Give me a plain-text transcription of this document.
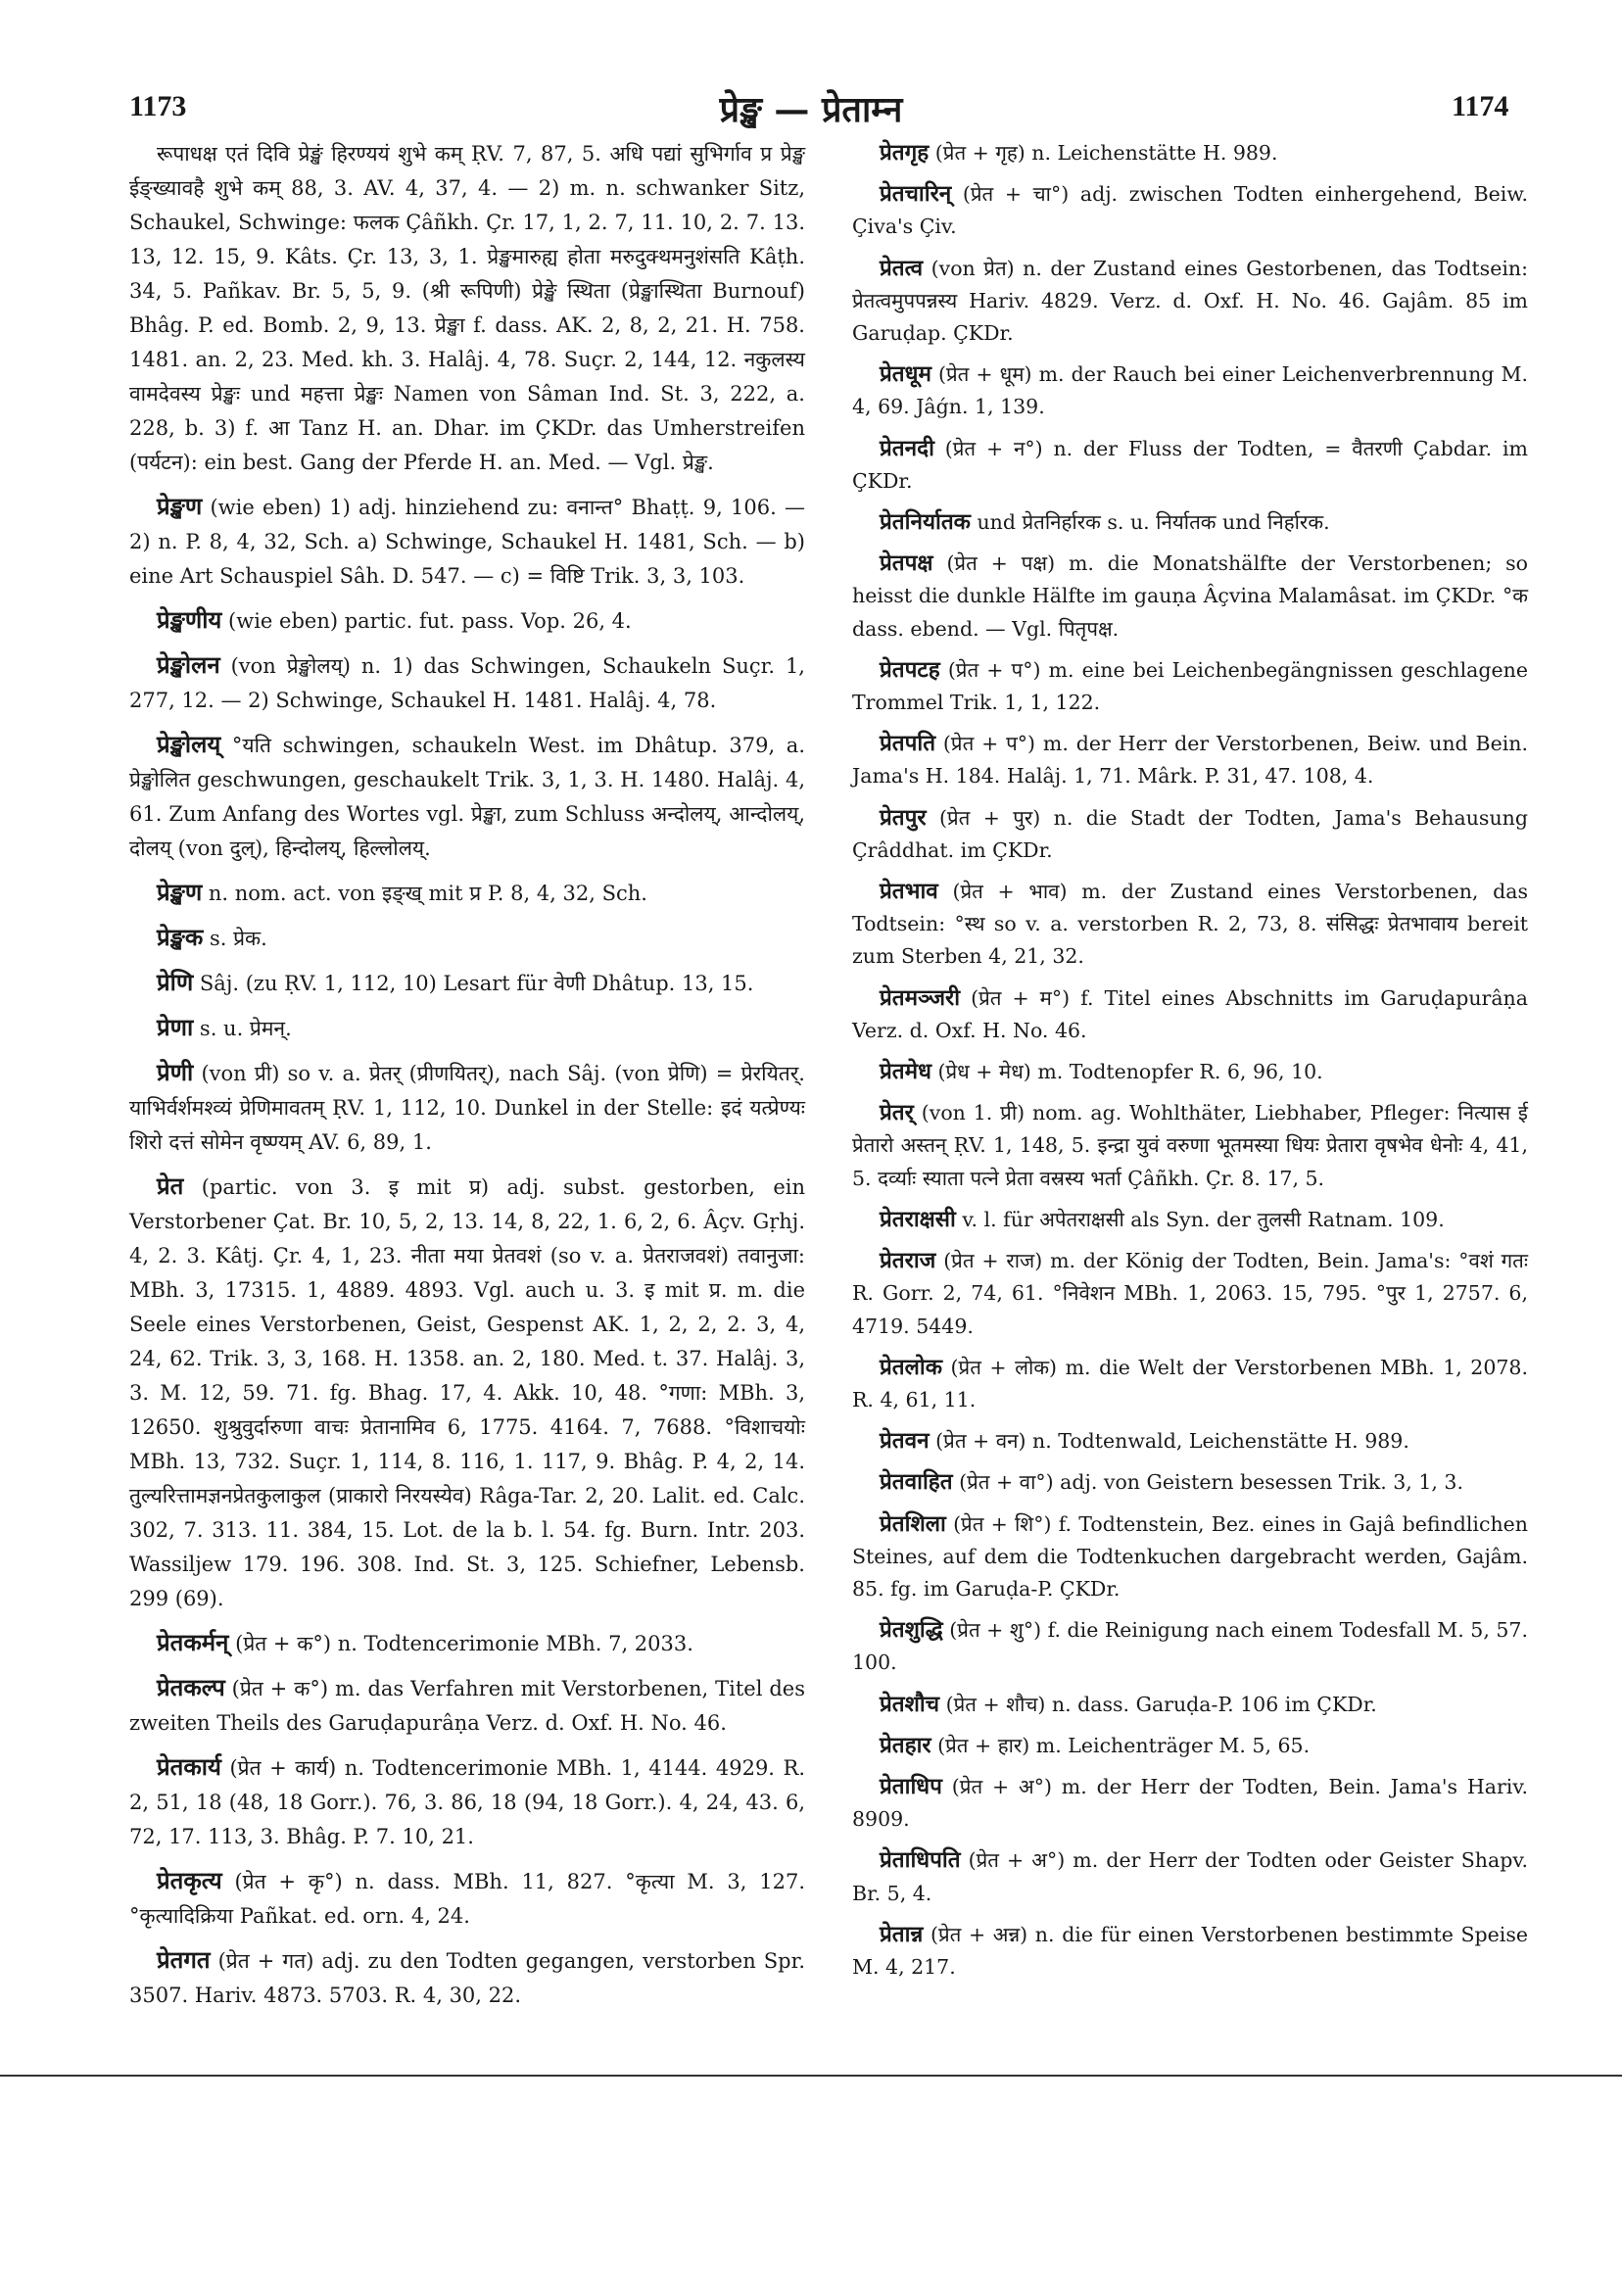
1173	प्रेङ्ख — प्रेताम्न	1174
रूपाधक्ष एतं दिवि प्रेङ्खं हिरण्ययं शुभे कम् ṚV. 7, 87, 5. अधि पद्यां सुभिर्गाव प्र प्रेङ्ख ईङ्ख्यावहै शुभे कम् 88, 3. AV. 4, 37, 4. — 2) m. n. schwanker Sitz, Schaukel, Schwinge: फलक Çâñkh. Çr. 17, 1, 2. 7, 11. 10, 2. 7. 13. 13, 12. 15, 9. Kâts. Çr. 13, 3, 1. प्रेङ्खमारुह्य होता मरुदुक्थमनुशंसति Kâṭh. 34, 5. Pañkav. Br. 5, 5, 9. (श्री रूपिणी) प्रेङ्खे स्थिता (प्रेङ्खास्थिता Burnouf) Bhâg. P. ed. Bomb. 2, 9, 13. प्रेङ्खा f. dass. AK. 2, 8, 2, 21. H. 758. 1481. an. 2, 23. Med. kh. 3. Halâj. 4, 78. Suçr. 2, 144, 12. नकुलस्य वामदेवस्य प्रेङ्खः und महत्ता प्रेङ्खः Namen von Sâman Ind. St. 3, 222, a. 228, b. 3) f. आ Tanz H. an. Dhar. im ÇKDr. das Umherstreifen (पर्यटन): ein best. Gang der Pferde H. an. Med. — Vgl. प्रेङ्ख.
प्रेङ्खण (wie eben) 1) adj. hinziehend zu: वनान्त° Bhaṭṭ. 9, 106. — 2) n. P. 8, 4, 32, Sch. a) Schwinge, Schaukel H. 1481, Sch. — b) eine Art Schauspiel Sâh. D. 547. — c) = विष्टि Trik. 3, 3, 103.
प्रेङ्खणीय (wie eben) partic. fut. pass. Vop. 26, 4.
प्रेङ्खोलन (von प्रेङ्खोलय्) n. 1) das Schwingen, Schaukeln Suçr. 1, 277, 12. — 2) Schwinge, Schaukel H. 1481. Halâj. 4, 78.
प्रेङ्खोलय् °यति schwingen, schaukeln West. im Dhâtup. 379, a. प्रेङ्खोलित geschwungen, geschaukelt Trik. 3, 1, 3. H. 1480. Halâj. 4, 61. Zum Anfang des Wortes vgl. प्रेङ्खा, zum Schluss अन्दोलय्, आन्दोलय्, दोलय् (von दुल्), हिन्दोलय्, हिल्लोलय्.
प्रेङ्खण n. nom. act. von इङ्ख् mit प्र P. 8, 4, 32, Sch.
प्रेङ्खक s. प्रेक.
प्रेणि Sâj. (zu ṚV. 1, 112, 10) Lesart für वेणी Dhâtup. 13, 15.
प्रेणा s. u. प्रेमन्.
प्रेणी (von प्री) so v. a. प्रेतर् (प्रीणयितर्), nach Sâj. (von प्रेणि) = प्रेरयितर्. याभिर्वर्शमश्व्यं प्रेणिमावतम् ṚV. 1, 112, 10. Dunkel in der Stelle: इदं यत्प्रेण्यः शिरो दत्तं सोमेन वृष्ण्यम् AV. 6, 89, 1.
प्रेत (partic. von 3. इ mit प्र) adj. subst. gestorben, ein Verstorbener Çat. Br. 10, 5, 2, 13. 14, 8, 22, 1. 6, 2, 6. Âçv. Gṛhj. 4, 2. 3. Kâtj. Çr. 4, 1, 23. नीता मया प्रेतवशं (so v. a. प्रेतराजवशं) तवानुजा: MBh. 3, 17315. 1, 4889. 4893. Vgl. auch u. 3. इ mit प्र. m. die Seele eines Verstorbenen, Geist, Gespenst AK. 1, 2, 2, 2. 3, 4, 24, 62. Trik. 3, 3, 168. H. 1358. an. 2, 180. Med. t. 37. Halâj. 3, 3. M. 12, 59. 71. fg. Bhag. 17, 4. Akk. 10, 48. °गणा: MBh. 3, 12650. शुश्रुवुर्दारुणा वाचः प्रेतानामिव 6, 1775. 4164. 7, 7688. °विशाचयोः MBh. 13, 732. Suçr. 1, 114, 8. 116, 1. 117, 9. Bhâg. P. 4, 2, 14. तुल्यरित्तामज्ञनप्रेतकुलाकुल (प्राकारो निरयस्येव) Râga-Tar. 2, 20. Lalit. ed. Calc. 302, 7. 313. 11. 384, 15. Lot. de la b. l. 54. fg. Burn. Intr. 203. Wassiljew 179. 196. 308. Ind. St. 3, 125. Schiefner, Lebensb. 299 (69).
प्रेतकर्मन् (प्रेत + क°) n. Todtencerimonie MBh. 7, 2033.
प्रेतकल्प (प्रेत + क°) m. das Verfahren mit Verstorbenen, Titel des zweiten Theils des Garuḍapurâṇa Verz. d. Oxf. H. No. 46.
प्रेतकार्य (प्रेत + कार्य) n. Todtencerimonie MBh. 1, 4144. 4929. R. 2, 51, 18 (48, 18 Gorr.). 76, 3. 86, 18 (94, 18 Gorr.). 4, 24, 43. 6, 72, 17. 113, 3. Bhâg. P. 7. 10, 21.
प्रेतकृत्य (प्रेत + कृ°) n. dass. MBh. 11, 827. °कृत्या M. 3, 127. °कृत्यादिक्रिया Pañkat. ed. orn. 4, 24.
प्रेतगत (प्रेत + गत) adj. zu den Todten gegangen, verstorben Spr. 3507. Hariv. 4873. 5703. R. 4, 30, 22.
प्रेतगृह (प्रेत + गृह) n. Leichenstätte H. 989.
प्रेतचारिन् (प्रेत + चा°) adj. zwischen Todten einhergehend, Beiw. Çiva's Çiv.
प्रेतत्व (von प्रेत) n. der Zustand eines Gestorbenen, das Todtsein: प्रेतत्वमुपपन्नस्य Hariv. 4829. Verz. d. Oxf. H. No. 46. Gajâm. 85 im Garuḍap. ÇKDr.
प्रेतधूम (प्रेत + धूम) m. der Rauch bei einer Leichenverbrennung M. 4, 69. Jâǵn. 1, 139.
प्रेतनदी (प्रेत + न°) n. der Fluss der Todten, = वैतरणी Çabdar. im ÇKDr.
प्रेतनिर्यातक und प्रेतनिर्हारक s. u. निर्यातक und निर्हारक.
प्रेतपक्ष (प्रेत + पक्ष) m. die Monatshälfte der Verstorbenen; so heisst die dunkle Hälfte im gauṇa Âçvina Malamâsat. im ÇKDr. °क dass. ebend. — Vgl. पितृपक्ष.
प्रेतपटह (प्रेत + प°) m. eine bei Leichenbegängnissen geschlagene Trommel Trik. 1, 1, 122.
प्रेतपति (प्रेत + प°) m. der Herr der Verstorbenen, Beiw. und Bein. Jama's H. 184. Halâj. 1, 71. Mârk. P. 31, 47. 108, 4.
प्रेतपुर (प्रेत + पुर) n. die Stadt der Todten, Jama's Behausung Çrâddhat. im ÇKDr.
प्रेतभाव (प्रेत + भाव) m. der Zustand eines Verstorbenen, das Todtsein: °स्थ so v. a. verstorben R. 2, 73, 8. संसिद्धः प्रेतभावाय bereit zum Sterben 4, 21, 32.
प्रेतमञ्जरी (प्रेत + म°) f. Titel eines Abschnitts im Garuḍapurâṇa Verz. d. Oxf. H. No. 46.
प्रेतमेध (प्रेध + मेध) m. Todtenopfer R. 6, 96, 10.
प्रेतर् (von 1. प्री) nom. ag. Wohlthäter, Liebhaber, Pfleger: नित्यास ई प्रेतारो अस्तन् ṚV. 1, 148, 5. इन्द्रा युवं वरुणा भूतमस्या धियः प्रेतारा वृषभेव धेनोः 4, 41, 5. दर्व्याः स्याता पत्ने प्रेता वस्रस्य भर्ता Çâñkh. Çr. 8. 17, 5.
प्रेतराक्षसी v. l. für अपेतराक्षसी als Syn. der तुलसी Ratnam. 109.
प्रेतराज (प्रेत + राज) m. der König der Todten, Bein. Jama's: °वशं गतः R. Gorr. 2, 74, 61. °निवेशन MBh. 1, 2063. 15, 795. °पुर 1, 2757. 6, 4719. 5449.
प्रेतलोक (प्रेत + लोक) m. die Welt der Verstorbenen MBh. 1, 2078. R. 4, 61, 11.
प्रेतवन (प्रेत + वन) n. Todtenwald, Leichenstätte H. 989.
प्रेतवाहित (प्रेत + वा°) adj. von Geistern besessen Trik. 3, 1, 3.
प्रेतशिला (प्रेत + शि°) f. Todtenstein, Bez. eines in Gajâ befindlichen Steines, auf dem die Todtenkuchen dargebracht werden, Gajâm. 85. fg. im Garuḍa-P. ÇKDr.
प्रेतशुद्धि (प्रेत + शु°) f. die Reinigung nach einem Todesfall M. 5, 57. 100.
प्रेतशौच (प्रेत + शौच) n. dass. Garuḍa-P. 106 im ÇKDr.
प्रेतहार (प्रेत + हार) m. Leichenträger M. 5, 65.
प्रेताधिप (प्रेत + अ°) m. der Herr der Todten, Bein. Jama's Hariv. 8909.
प्रेताधिपति (प्रेत + अ°) m. der Herr der Todten oder Geister Shapv. Br. 5, 4.
प्रेतान्न (प्रेत + अन्न) n. die für einen Verstorbenen bestimmte Speise M. 4, 217.
